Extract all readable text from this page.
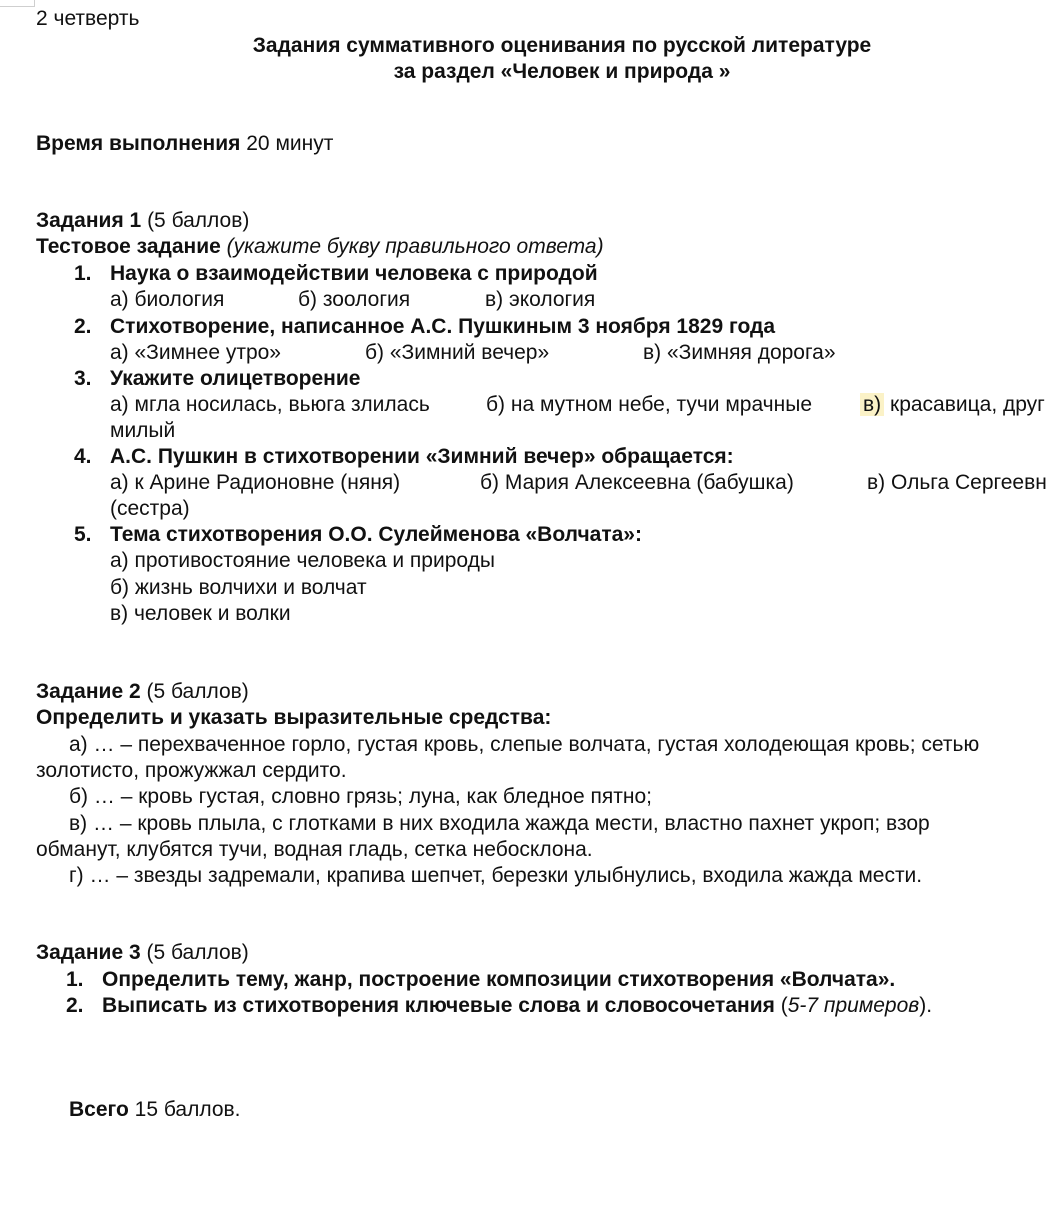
2 четверть
Задания суммативного оценивания по русской литературе
за раздел «Человек и природа »
Время выполнения 20 минут
Задания 1 (5 баллов)
Тестовое задание (укажите букву правильного ответа)
1. Наука о взаимодействии человека с природой
а) биология	б) зоология	в) экология
2. Стихотворение, написанное А.С. Пушкиным 3 ноября 1829 года
а) «Зимнее утро»	б) «Зимний вечер»	в) «Зимняя дорога»
3. Укажите олицетворение
а) мгла носилась, вьюга злилась	б) на мутном небе, тучи мрачные в) красавица, друг
милый
4. А.С. Пушкин в стихотворении «Зимний вечер» обращается:
а) к Арине Радионовне (няня)	б) Мария Алексеевна (бабушка)	в) Ольга Сергеевн
(сестра)
5. Тема стихотворения О.О. Сулейменова «Волчата»:
а) противостояние человека и природы
б) жизнь волчихи и волчат
в) человек и волки
Задание 2 (5 баллов)
Определить и указать выразительные средства:
а) … – перехваченное горло, густая кровь, слепые волчата, густая холодеющая кровь; сетью
золотисто, прожужжал сердито.
б) … – кровь густая, словно грязь; луна, как бледное пятно;
в) … – кровь плыла, с глотками в них входила жажда мести, властно пахнет укроп; взор
обманут, клубятся тучи, водная гладь, сетка небосклона.
г) … – звезды задремали, крапива шепчет, березки улыбнулись, входила жажда мести.
Задание 3 (5 баллов)
1. Определить тему, жанр, построение композиции стихотворения «Волчата».
2. Выписать из стихотворения ключевые слова и словосочетания (5-7 примеров).
Всего 15 баллов.
